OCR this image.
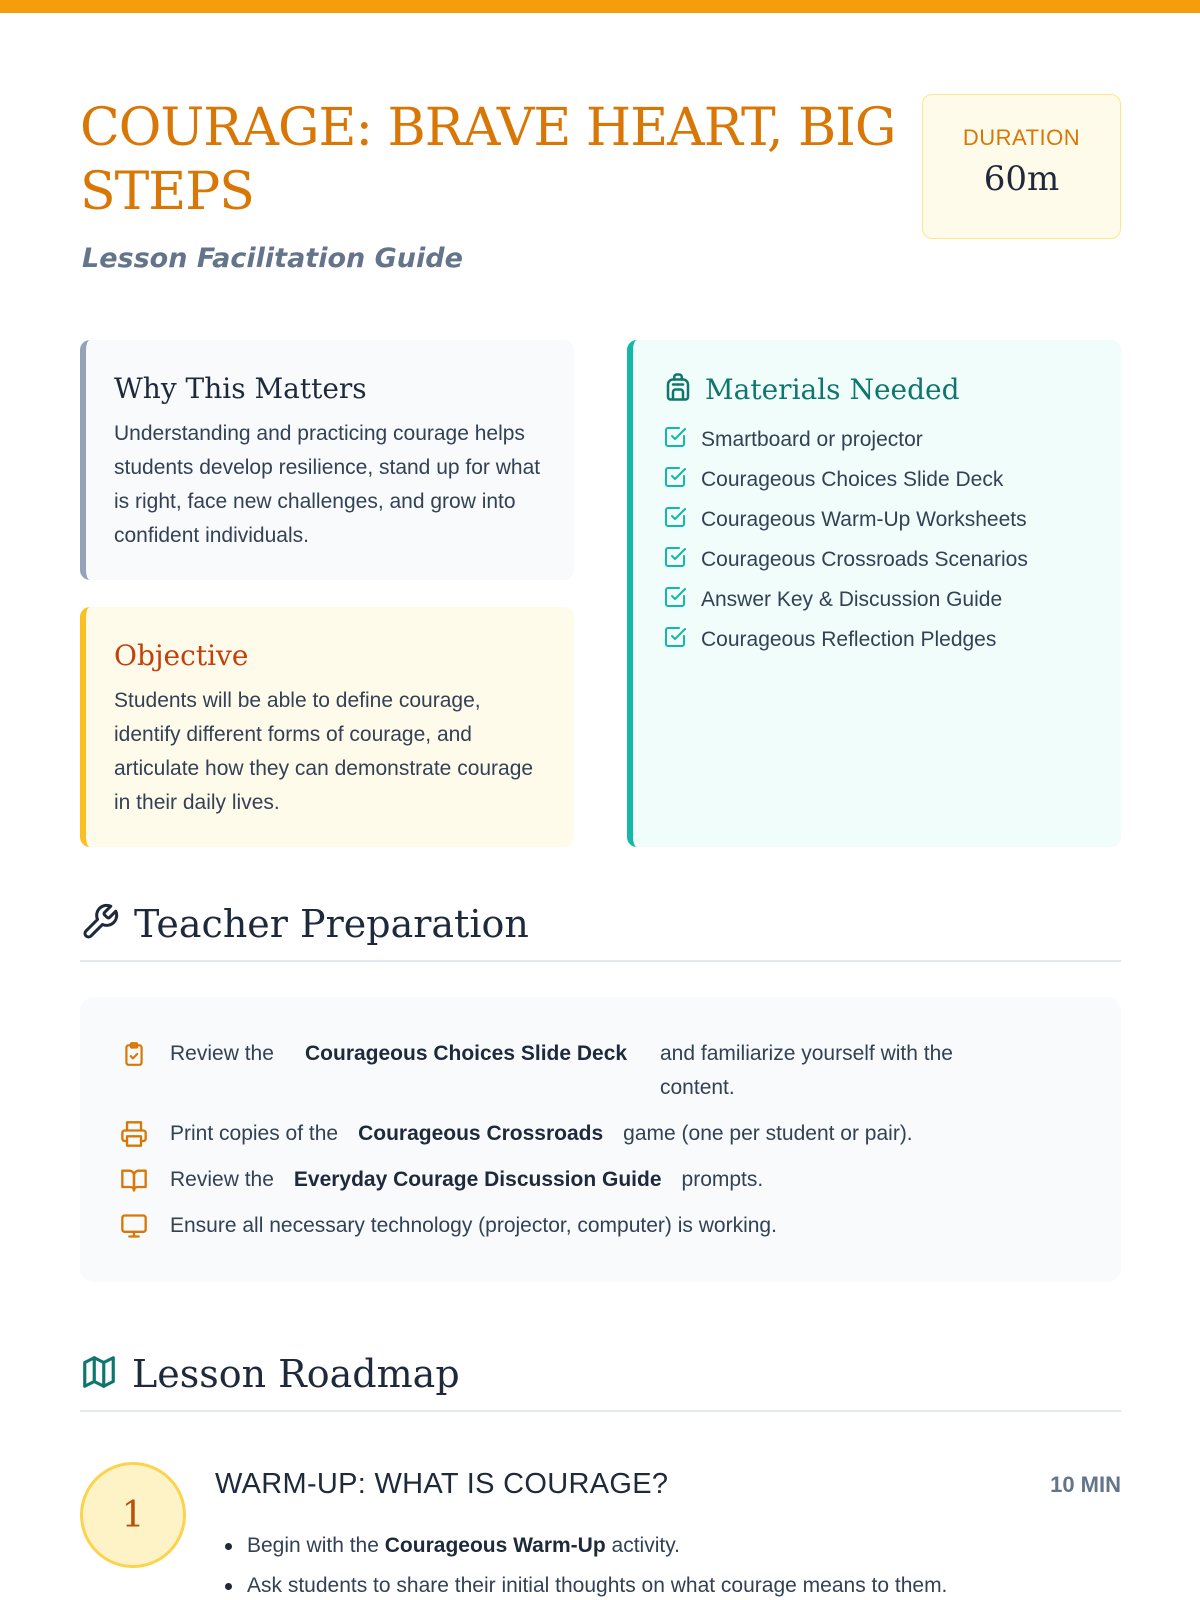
COURAGE: BRAVE HEART, BIG STEPS
Lesson Facilitation Guide
DURATION
60m
Why This Matters

Understanding and practicing courage helps students develop resilience, stand up for what is right, face new challenges, and grow into confident individuals.

Objective

Students will be able to define courage, identify different forms of courage, and articulate how they can demonstrate courage in their daily lives.

Materials Needed
Smartboard or projector
Courageous Choices Slide Deck
Courageous Warm-Up Worksheets
Courageous Crossroads Scenarios
Answer Key & Discussion Guide
Courageous Reflection Pledges
Teacher Preparation
Review the	Courageous Choices Slide Deck	and familiarize yourself with the content.
Print copies of the Courageous Crossroads game (one per student or pair).
Review the Everyday Courage Discussion Guide prompts.
Ensure all necessary technology (projector, computer) is working.
Lesson Roadmap
1
WARM-UP: WHAT IS COURAGE?	10 MIN
Begin with the Courageous Warm-Up activity.
Ask students to share their initial thoughts on what courage means to them.
